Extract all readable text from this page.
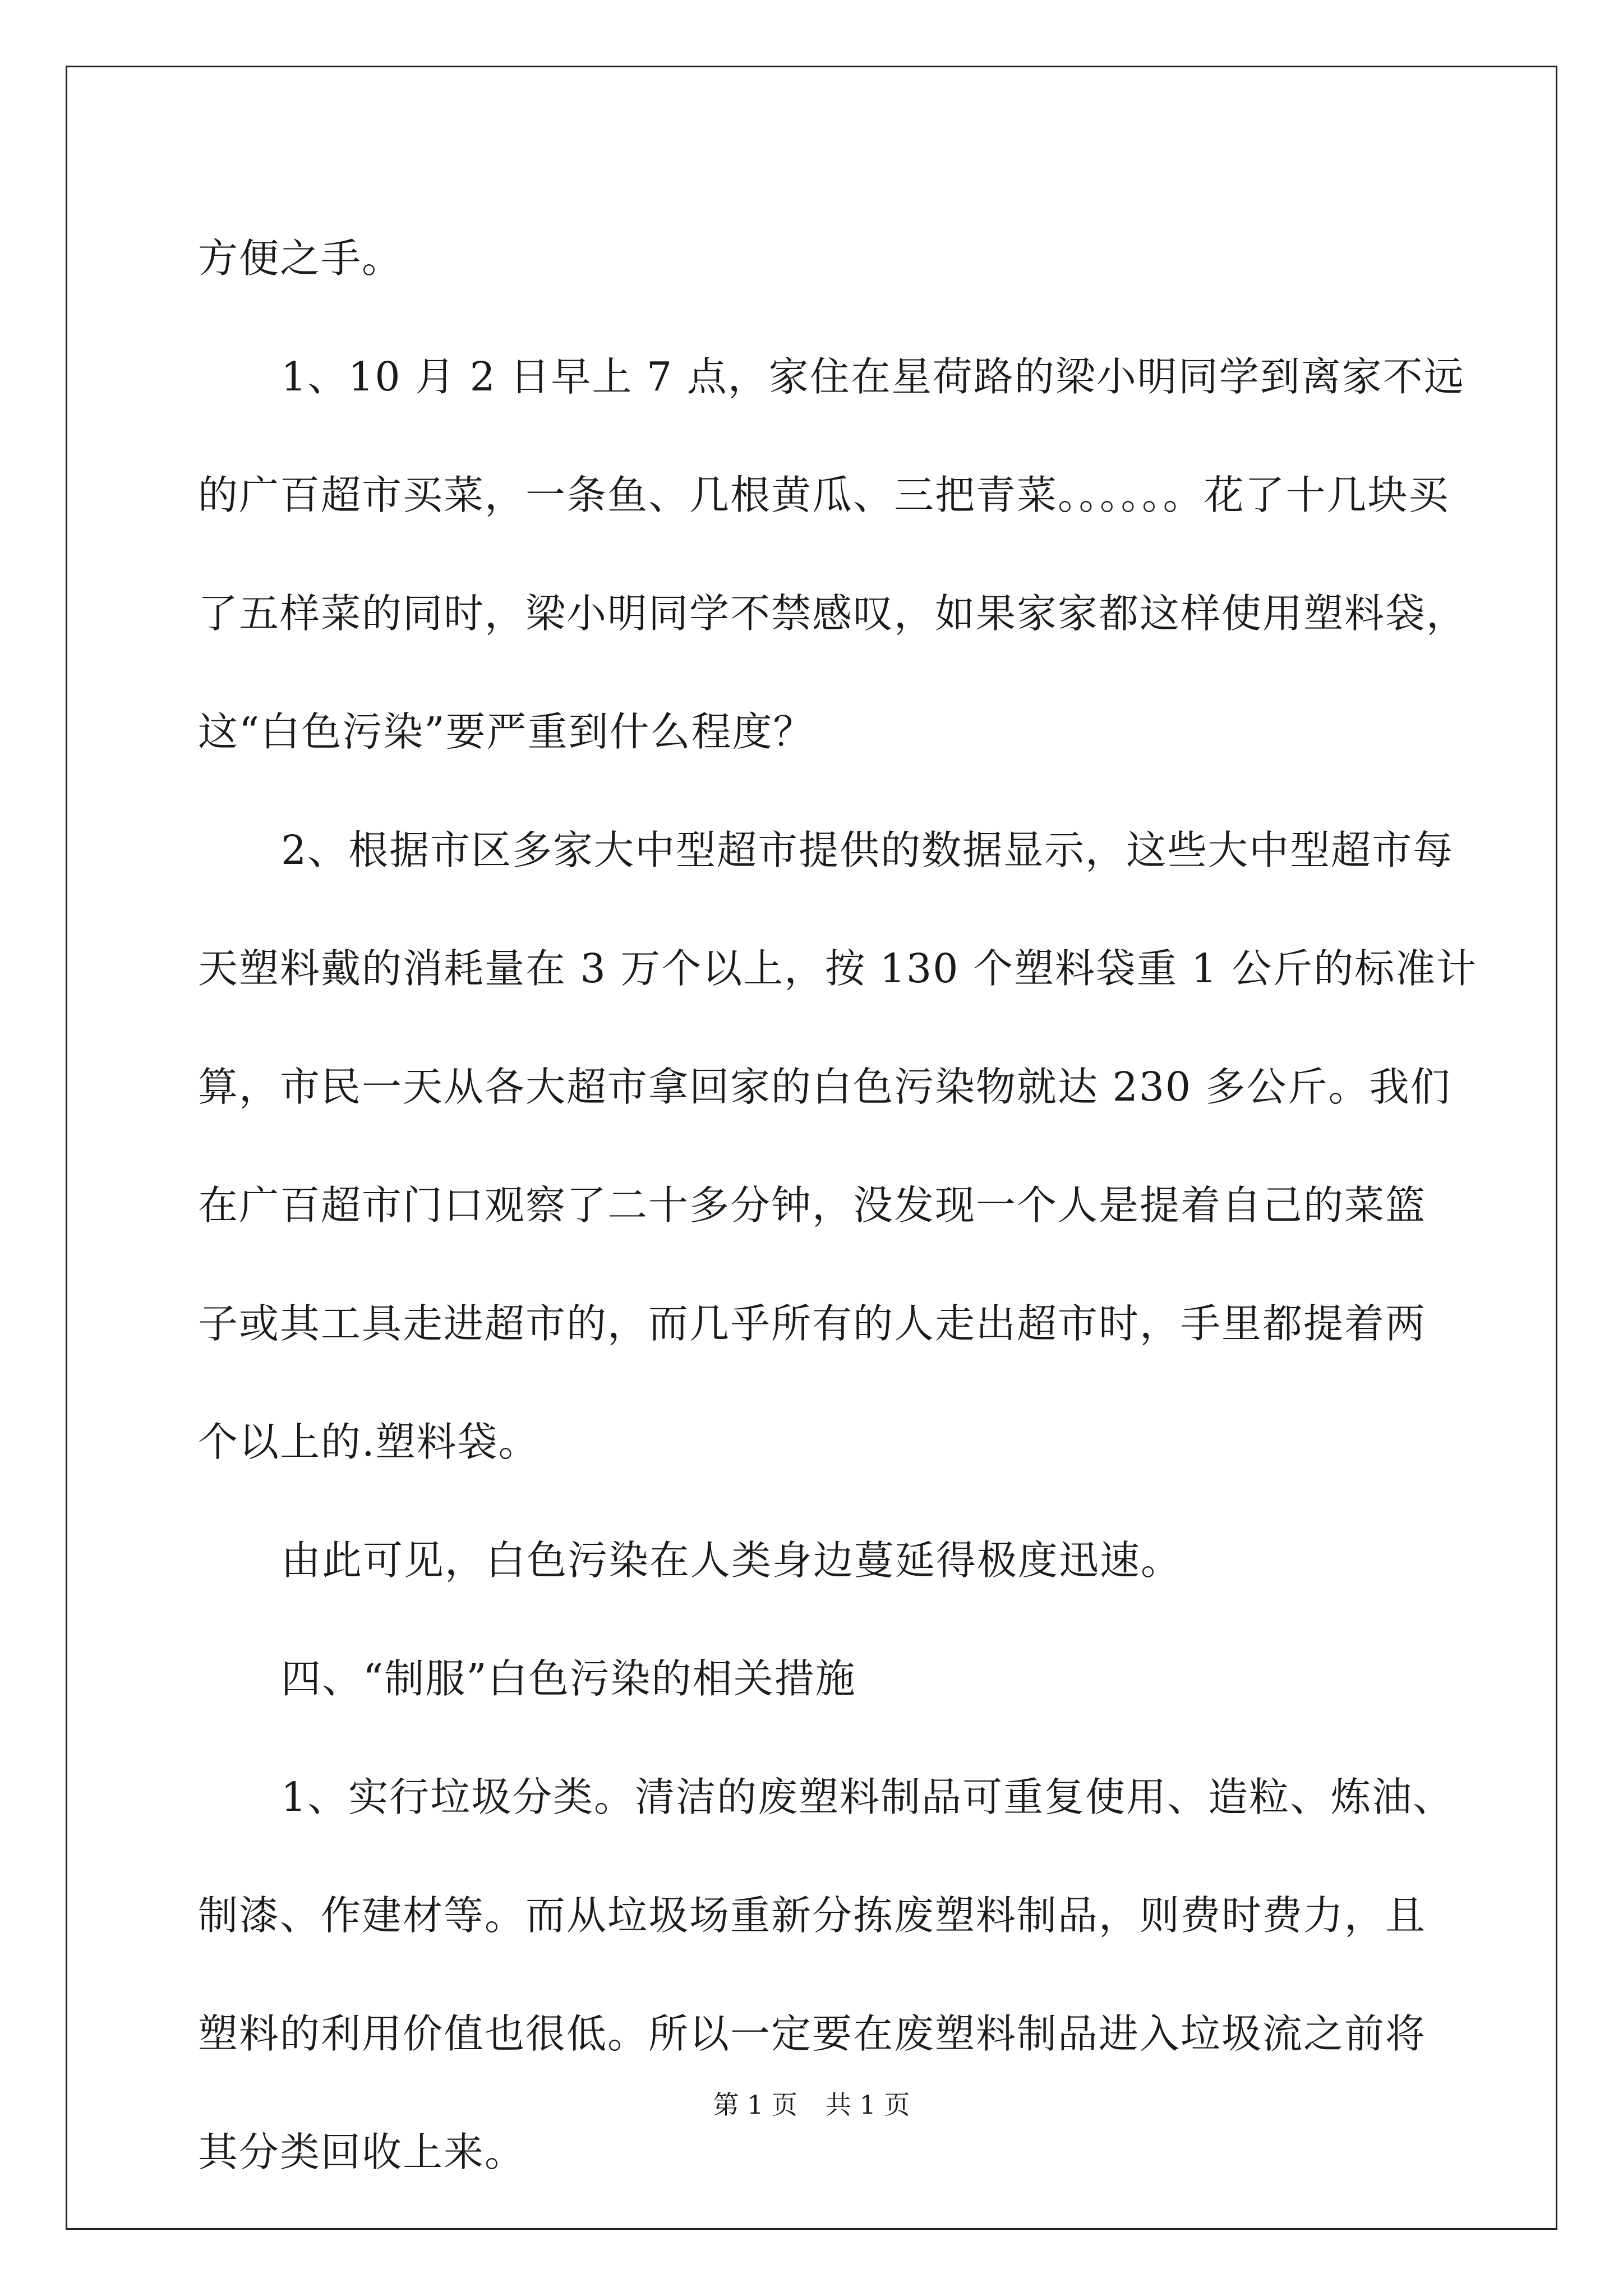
方便之手。
1、10 月 2 日早上 7 点，家住在星荷路的梁小明同学到离家不远
的广百超市买菜，一条鱼、几根黄瓜、三把青菜。。。。。。花了十几块买
了五样菜的同时，梁小明同学不禁感叹，如果家家都这样使用塑料袋，
这“白色污染”要严重到什么程度？
2、根据市区多家大中型超市提供的数据显示，这些大中型超市每
天塑料戴的消耗量在 3 万个以上，按 130 个塑料袋重 1 公斤的标准计
算，市民一天从各大超市拿回家的白色污染物就达 230 多公斤。我们
在广百超市门口观察了二十多分钟，没发现一个人是提着自己的菜篮
子或其工具走进超市的，而几乎所有的人走出超市时，手里都提着两
个以上的.塑料袋。
由此可见，白色污染在人类身边蔓延得极度迅速。
四、“制服”白色污染的相关措施
1、实行垃圾分类。清洁的废塑料制品可重复使用、造粒、炼油、
制漆、作建材等。而从垃圾场重新分拣废塑料制品，则费时费力，且
塑料的利用价值也很低。所以一定要在废塑料制品进入垃圾流之前将
其分类回收上来。
第 1 页 共 1 页
